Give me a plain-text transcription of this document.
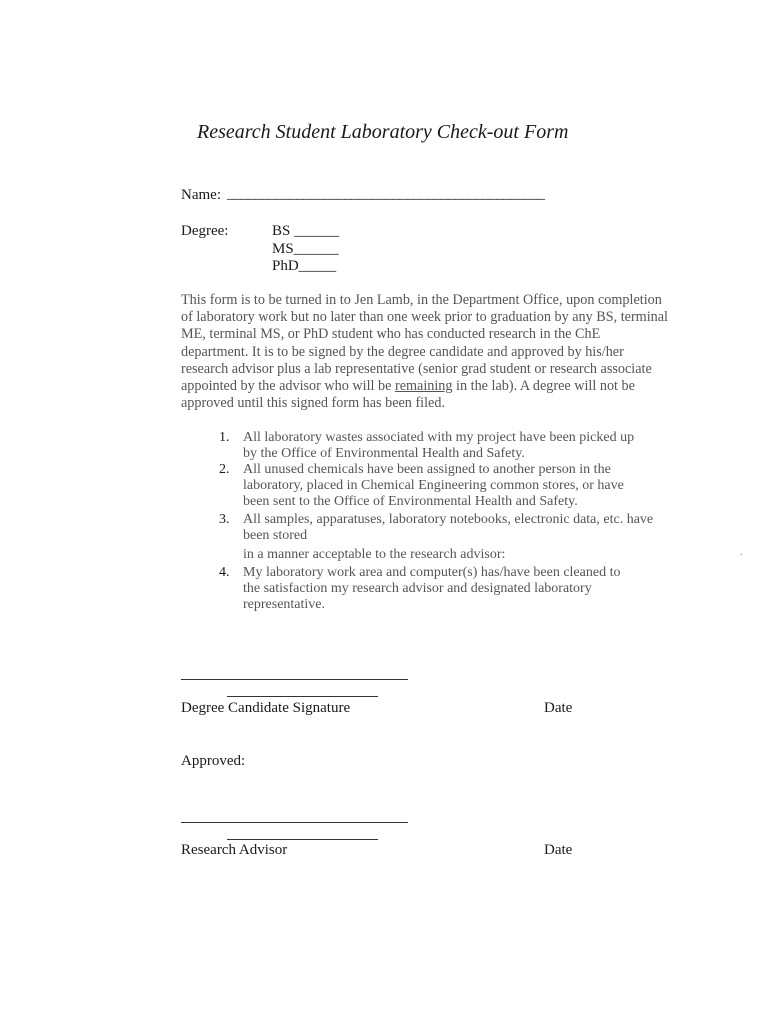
Research Student Laboratory Check-out Form
Name: ______________________________________________
Degree:	BS ______
MS______
PhD_____
This form is to be turned in to Jen Lamb, in the Department Office, upon completion
of laboratory work but no later than one week prior to graduation by any BS, terminal
ME, terminal MS, or PhD student who has conducted research in the ChE
department. It is to be signed by the degree candidate and approved by his/her
research advisor plus a lab representative (senior grad student or research associate
appointed by the advisor who will be remaining in the lab). A degree will not be
approved until this signed form has been filed.
1. All laboratory wastes associated with my project have been picked up
by the Office of Environmental Health and Safety.
2. All unused chemicals have been assigned to another person in the
laboratory, placed in Chemical Engineering common stores, or have
been sent to the Office of Environmental Health and Safety.
3. All samples, apparatuses, laboratory notebooks, electronic data, etc. have
been stored
in a manner acceptable to the research advisor:
4. My laboratory work area and computer(s) has/have been cleaned to
the satisfaction my research advisor and designated laboratory
representative.
.
Degree Candidate Signature	Date
Approved:
Research Advisor	Date
